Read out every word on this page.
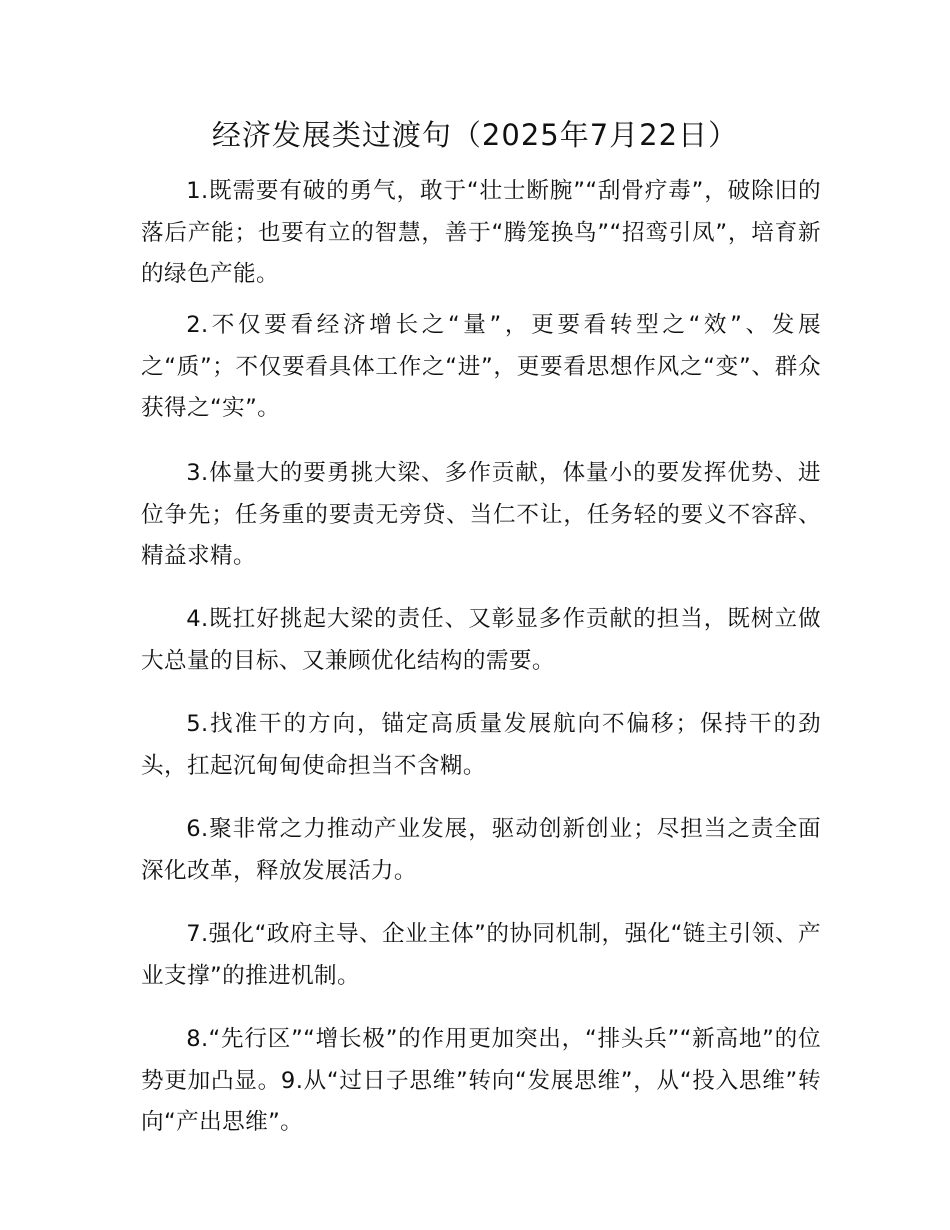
经济发展类过渡句（2025年7月22日）

1.既需要有破的勇气，敢于“壮士断腕”“刮骨疗毒”，破除旧的落后产能；也要有立的智慧，善于“腾笼换鸟”“招鸾引凤”，培育新的绿色产能。

2.不仅要看经济增长之“量”，更要看转型之“效”、发展之“质”；不仅要看具体工作之“进”，更要看思想作风之“变”、群众获得之“实”。

3.体量大的要勇挑大梁、多作贡献，体量小的要发挥优势、进位争先；任务重的要责无旁贷、当仁不让，任务轻的要义不容辞、精益求精。

4.既扛好挑起大梁的责任、又彰显多作贡献的担当，既树立做大总量的目标、又兼顾优化结构的需要。

5.找准干的方向，锚定高质量发展航向不偏移；保持干的劲头，扛起沉甸甸使命担当不含糊。

6.聚非常之力推动产业发展，驱动创新创业；尽担当之责全面深化改革，释放发展活力。

7.强化“政府主导、企业主体”的协同机制，强化“链主引领、产业支撑”的推进机制。

8.“先行区”“增长极”的作用更加突出，“排头兵”“新高地”的位势更加凸显。9.从“过日子思维”转向“发展思维”，从“投入思维”转向“产出思维”。
